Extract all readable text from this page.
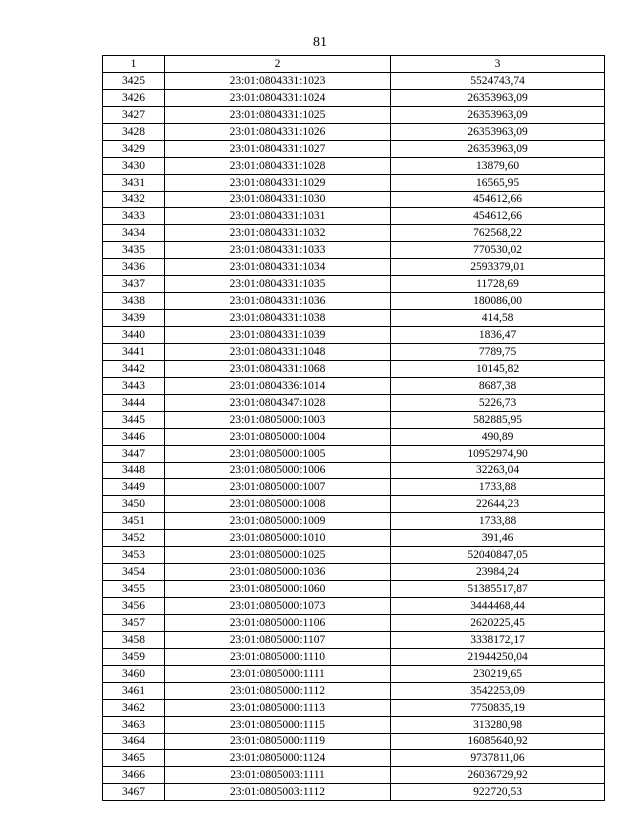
81
1	2	3
3425	23:01:0804331:1023	5524743,74
3426	23:01:0804331:1024	26353963,09
3427	23:01:0804331:1025	26353963,09
3428	23:01:0804331:1026	26353963,09
3429	23:01:0804331:1027	26353963,09
3430	23:01:0804331:1028	13879,60
3431	23:01:0804331:1029	16565,95
3432	23:01:0804331:1030	454612,66
3433	23:01:0804331:1031	454612,66
3434	23:01:0804331:1032	762568,22
3435	23:01:0804331:1033	770530,02
3436	23:01:0804331:1034	2593379,01
3437	23:01:0804331:1035	11728,69
3438	23:01:0804331:1036	180086,00
3439	23:01:0804331:1038	414,58
3440	23:01:0804331:1039	1836,47
3441	23:01:0804331:1048	7789,75
3442	23:01:0804331:1068	10145,82
3443	23:01:0804336:1014	8687,38
3444	23:01:0804347:1028	5226,73
3445	23:01:0805000:1003	582885,95
3446	23:01:0805000:1004	490,89
3447	23:01:0805000:1005	10952974,90
3448	23:01:0805000:1006	32263,04
3449	23:01:0805000:1007	1733,88
3450	23:01:0805000:1008	22644,23
3451	23:01:0805000:1009	1733,88
3452	23:01:0805000:1010	391,46
3453	23:01:0805000:1025	52040847,05
3454	23:01:0805000:1036	23984,24
3455	23:01:0805000:1060	51385517,87
3456	23:01:0805000:1073	3444468,44
3457	23:01:0805000:1106	2620225,45
3458	23:01:0805000:1107	3338172,17
3459	23:01:0805000:1110	21944250,04
3460	23:01:0805000:1111	230219,65
3461	23:01:0805000:1112	3542253,09
3462	23:01:0805000:1113	7750835,19
3463	23:01:0805000:1115	313280,98
3464	23:01:0805000:1119	16085640,92
3465	23:01:0805000:1124	9737811,06
3466	23:01:0805003:1111	26036729,92
3467	23:01:0805003:1112	922720,53
